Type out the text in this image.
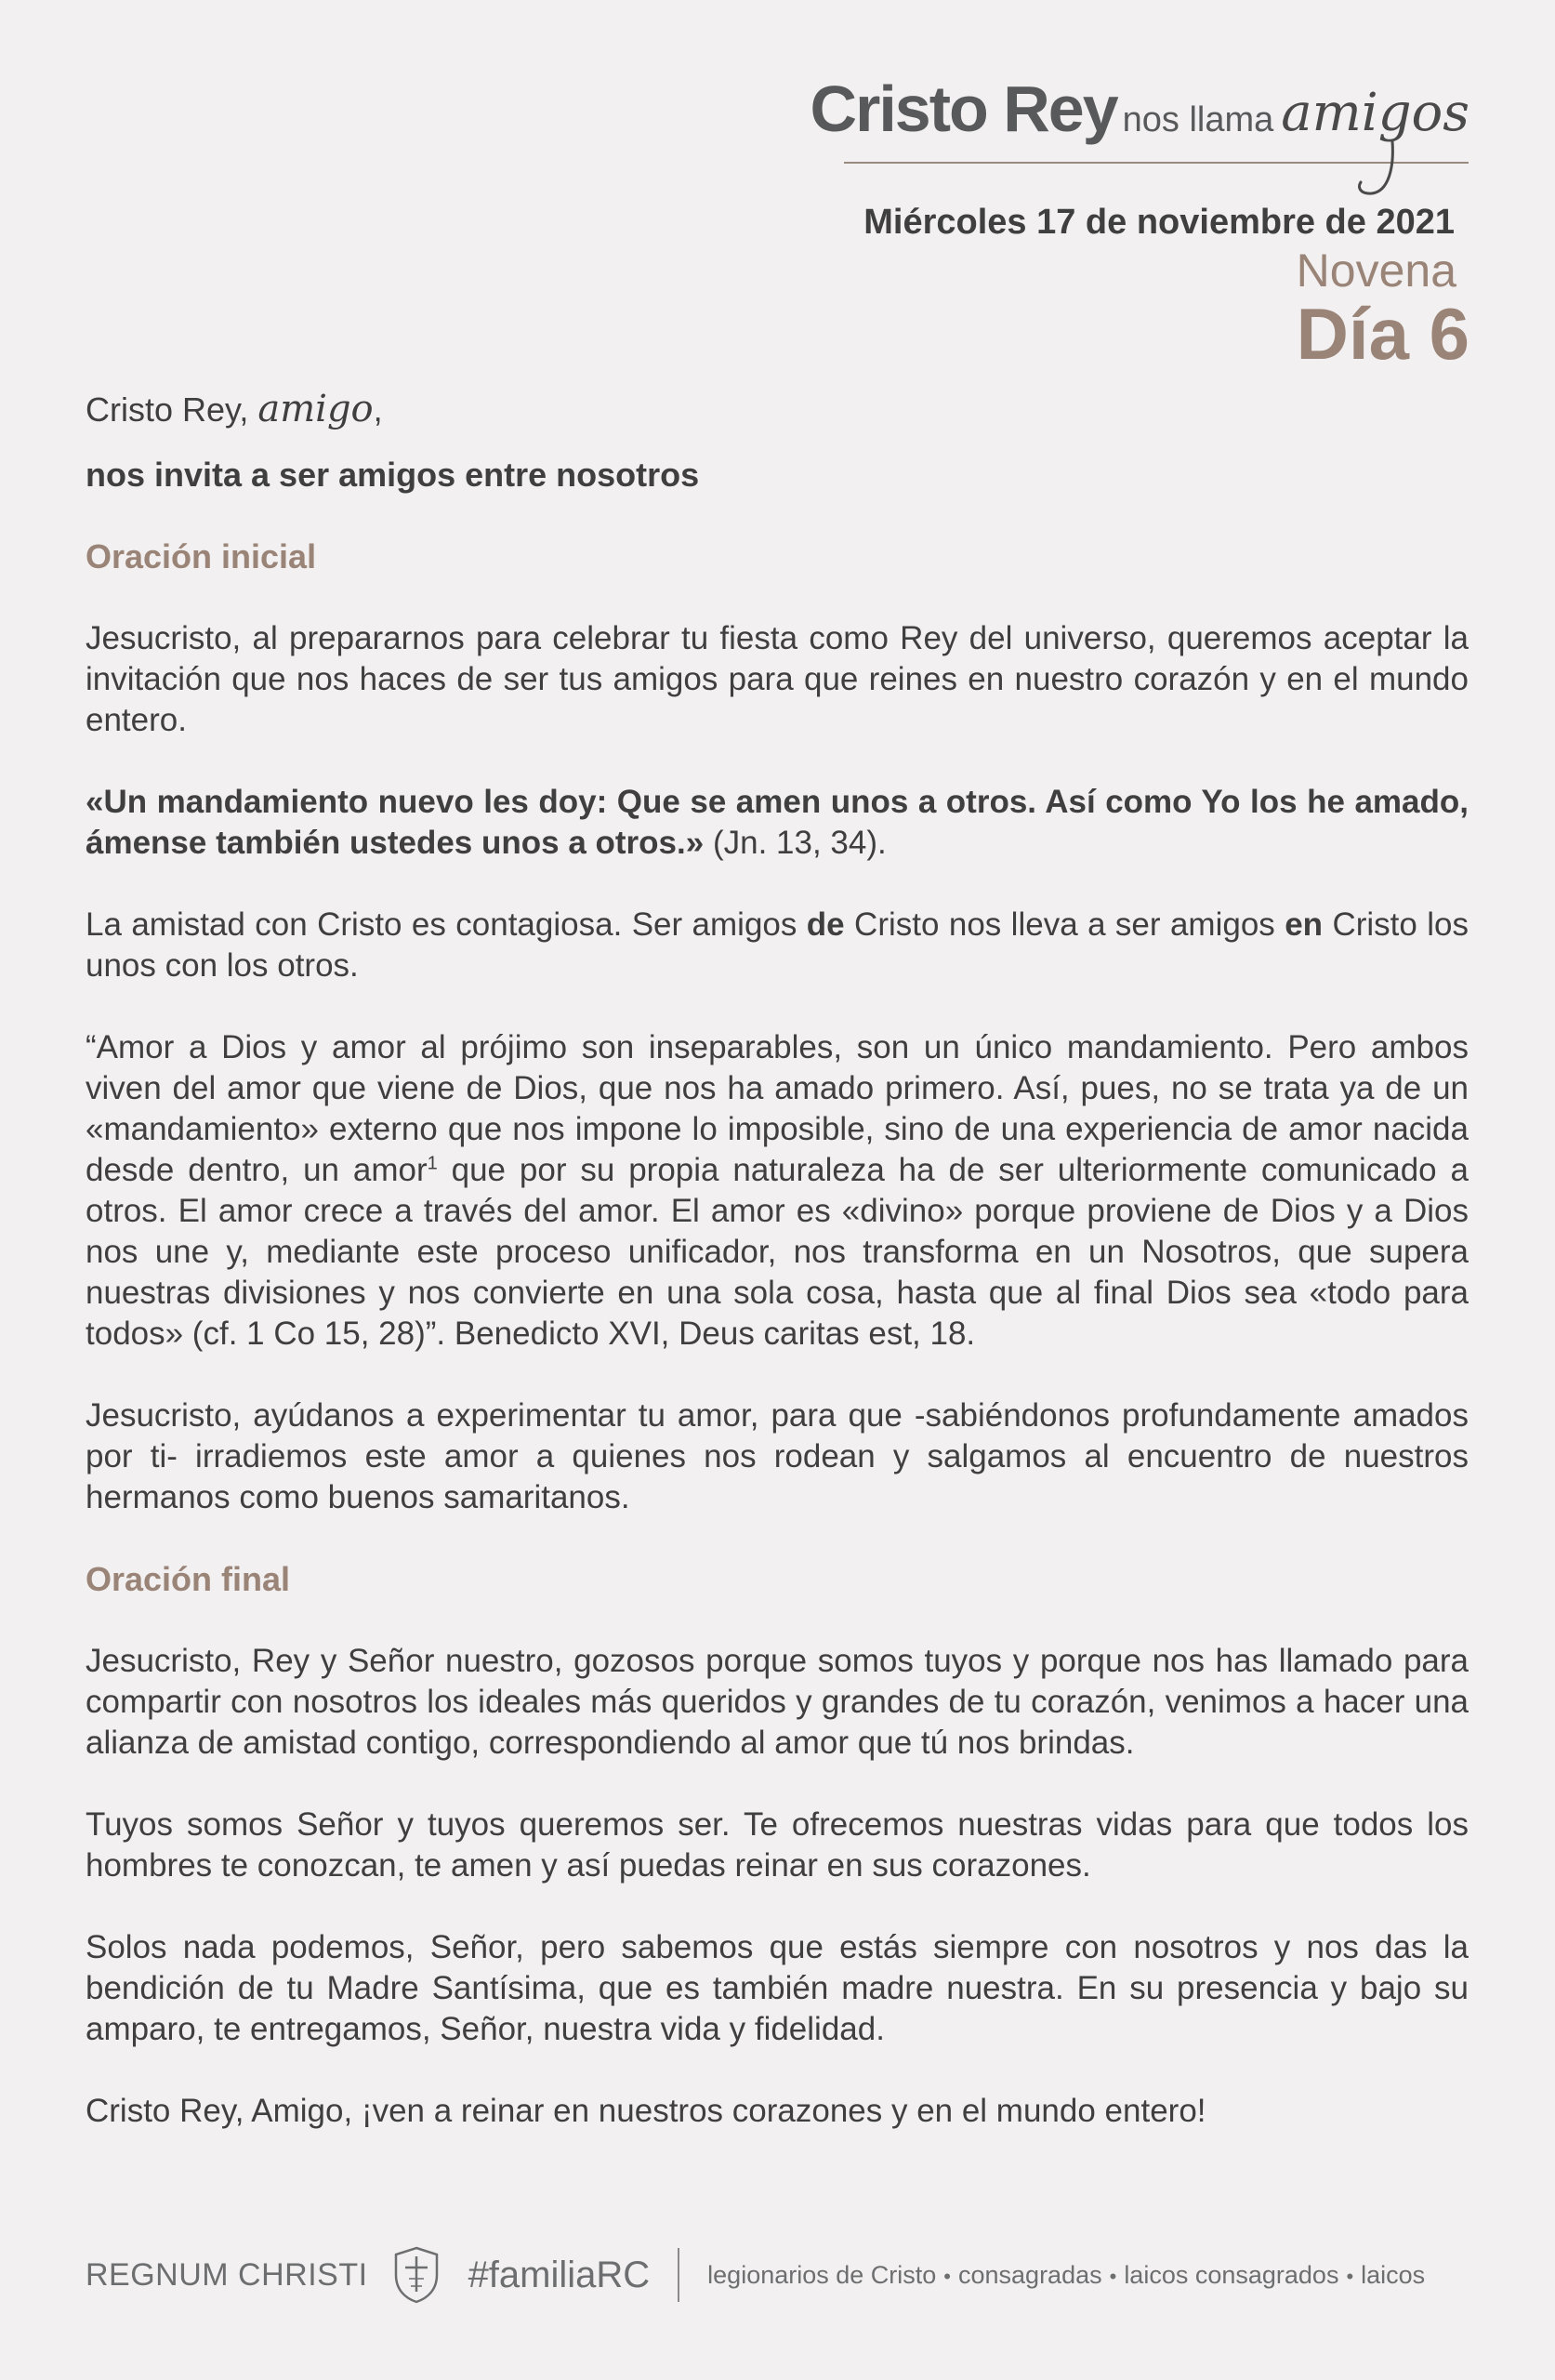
Cristo Rey nos llama amigos
Miércoles 17 de noviembre de 2021
Novena
Día 6

Cristo Rey, amigo,

nos invita a ser amigos entre nosotros

Oración inicial

Jesucristo, al prepararnos para celebrar tu fiesta como Rey del universo, queremos aceptar la invitación que nos haces de ser tus amigos para que reines en nuestro corazón y en el mundo entero.

«Un mandamiento nuevo les doy: Que se amen unos a otros. Así como Yo los he amado, ámense también ustedes unos a otros.» (Jn. 13, 34).

La amistad con Cristo es contagiosa. Ser amigos de Cristo nos lleva a ser amigos en Cristo los unos con los otros.

“Amor a Dios y amor al prójimo son inseparables, son un único mandamiento. Pero ambos viven del amor que viene de Dios, que nos ha amado primero. Así, pues, no se trata ya de un «mandamiento» externo que nos impone lo imposible, sino de una experiencia de amor nacida desde dentro, un amor$^1$ que por su propia naturaleza ha de ser ulteriormente comunicado a otros. El amor crece a través del amor. El amor es «divino» porque proviene de Dios y a Dios nos une y, mediante este proceso unificador, nos transforma en un Nosotros, que supera nuestras divisiones y nos convierte en una sola cosa, hasta que al final Dios sea «todo para todos» (cf. 1 Co 15, 28)”. Benedicto XVI, Deus caritas est, 18.

Jesucristo, ayúdanos a experimentar tu amor, para que -sabiéndonos profundamente amados por ti- irradiemos este amor a quienes nos rodean y salgamos al encuentro de nuestros hermanos como buenos samaritanos.

Oración final

Jesucristo, Rey y Señor nuestro, gozosos porque somos tuyos y porque nos has llamado para compartir con nosotros los ideales más queridos y grandes de tu corazón, venimos a hacer una alianza de amistad contigo, correspondiendo al amor que tú nos brindas.

Tuyos somos Señor y tuyos queremos ser. Te ofrecemos nuestras vidas para que todos los hombres te conozcan, te amen y así puedas reinar en sus corazones.

Solos nada podemos, Señor, pero sabemos que estás siempre con nosotros y nos das la bendición de tu Madre Santísima, que es también madre nuestra. En su presencia y bajo su amparo, te entregamos, Señor, nuestra vida y fidelidad.

Cristo Rey, Amigo, ¡ven a reinar en nuestros corazones y en el mundo entero!

REGNUM CHRISTI	#familiaRC legionarios de Cristo • consagradas • laicos consagrados • laicos
